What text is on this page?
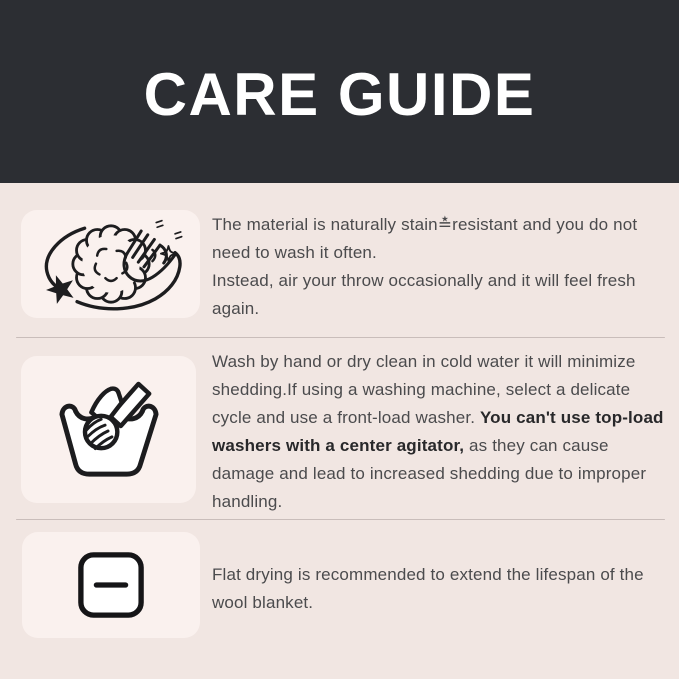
CARE GUIDE

The material is naturally stain≛resistant and you do not need to wash it often.

Instead, air your throw occasionally and it will feel fresh again.

Wash by hand or dry clean in cold water it will minimize shedding.If using a washing machine, select a delicate cycle and use a front-load washer. You can't use top-load washers with a center agitator, as they can cause damage and lead to increased shedding due to improper handling.

Flat drying is recommended to extend the lifespan of the wool blanket.
